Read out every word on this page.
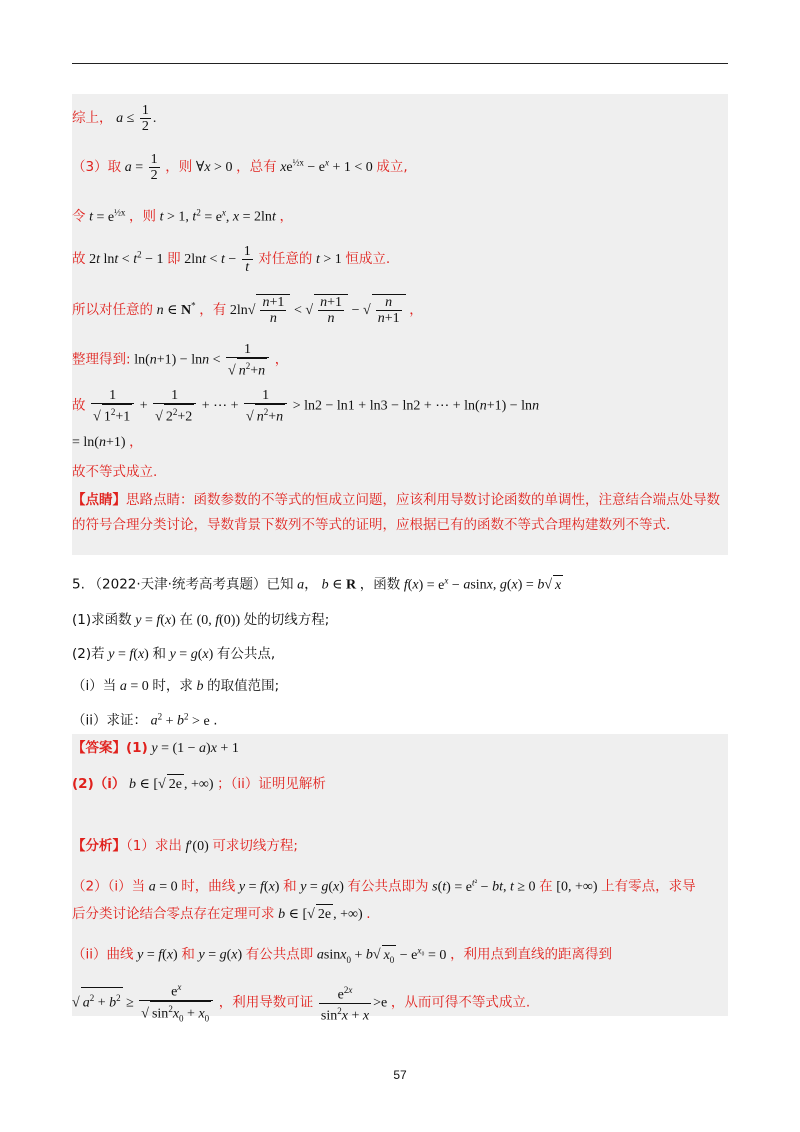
综上， $a \le \frac{1}{2}$ .
（3）取 $a = \frac{1}{2}$ ，则 ∀x > 0 ，总有 $xe^{\frac{1}{2}x} - e^x + 1 < 0$ 成立,
令 $t = e^{\frac{1}{2}x}$ ，则 t > 1, $t^2 = e^x$, x = 2lnt ，
故 2t $\ln t < t^2 - 1$ 即 $2\ln t < t - \frac{1}{t}$ 对任意的 t > 1 恒成立.
所以对任意的 n ∈ N* ，有 $2\ln√ \frac{n+1}{n}$ < √ $\frac{n+1}{n}$ − √ $\frac{n}{n+1}$ ，
整理得到: $\ln(n+1) - \ln n < \frac{1}{√ n^2+n}$ ，
故 $\frac{1}{√ 1^2+1} + \frac{1}{√ 2^2+2}$ + ⋯ + $\frac{1}{√ n^2+n} > \ln 2 - \ln 1 + \ln 3 - \ln 2$ + ⋯ + ln(n+1) − lnn
= ln(n+1) ，
故不等式成立.
【点睛】思路点睛：函数参数的不等式的恒成立问题，应该利用导数讨论函数的单调性，注意结合端点处导数的符号合理分类讨论，导数背景下数列不等式的证明，应根据已有的函数不等式合理构建数列不等式.
5. （2022·天津·统考高考真题）已知 a， b ∈ R ，函数 $f(x) = e^x - asinx$, g(x) = b√ x
(1)求函数 y = f(x) 在 (0, f(0)) 处的切线方程;
(2)若 y = f(x) 和 y = g(x) 有公共点,
（i）当 a = 0 时，求 b 的取值范围;
（ii）求证： $a^2 + b^2 > e$ .
【答案】(1) y = (1 − a)x + 1
(2)（i） b ∈ [√ 2e , +∞) ；（ii）证明见解析
【分析】（1）求出 f′(0) 可求切线方程;
（2）（i）当 a = 0 时，曲线 y = f(x) 和 y = g(x) 有公共点即为 $s(t) = e^{t^2}$ − bt, t ≥ 0 在 [0, +∞) 上有零点，求导
后分类讨论结合零点存在定理可求 b ∈ [√ 2e , +∞) .
（ii）曲线 y = f(x) 和 y = g(x) 有公共点即 asinx$_0$ + b√ $x_0 - e^{x_0} = 0$ ，利用点到直线的距离得到
√ $a^2 + b^2 \ge \frac{e^x}{√ \sin^2x_0 + x_0}$ ，利用导数可证 $\frac{e^{2x}}{\sin^2x + x} >e$ ，从而可得不等式成立.
57
